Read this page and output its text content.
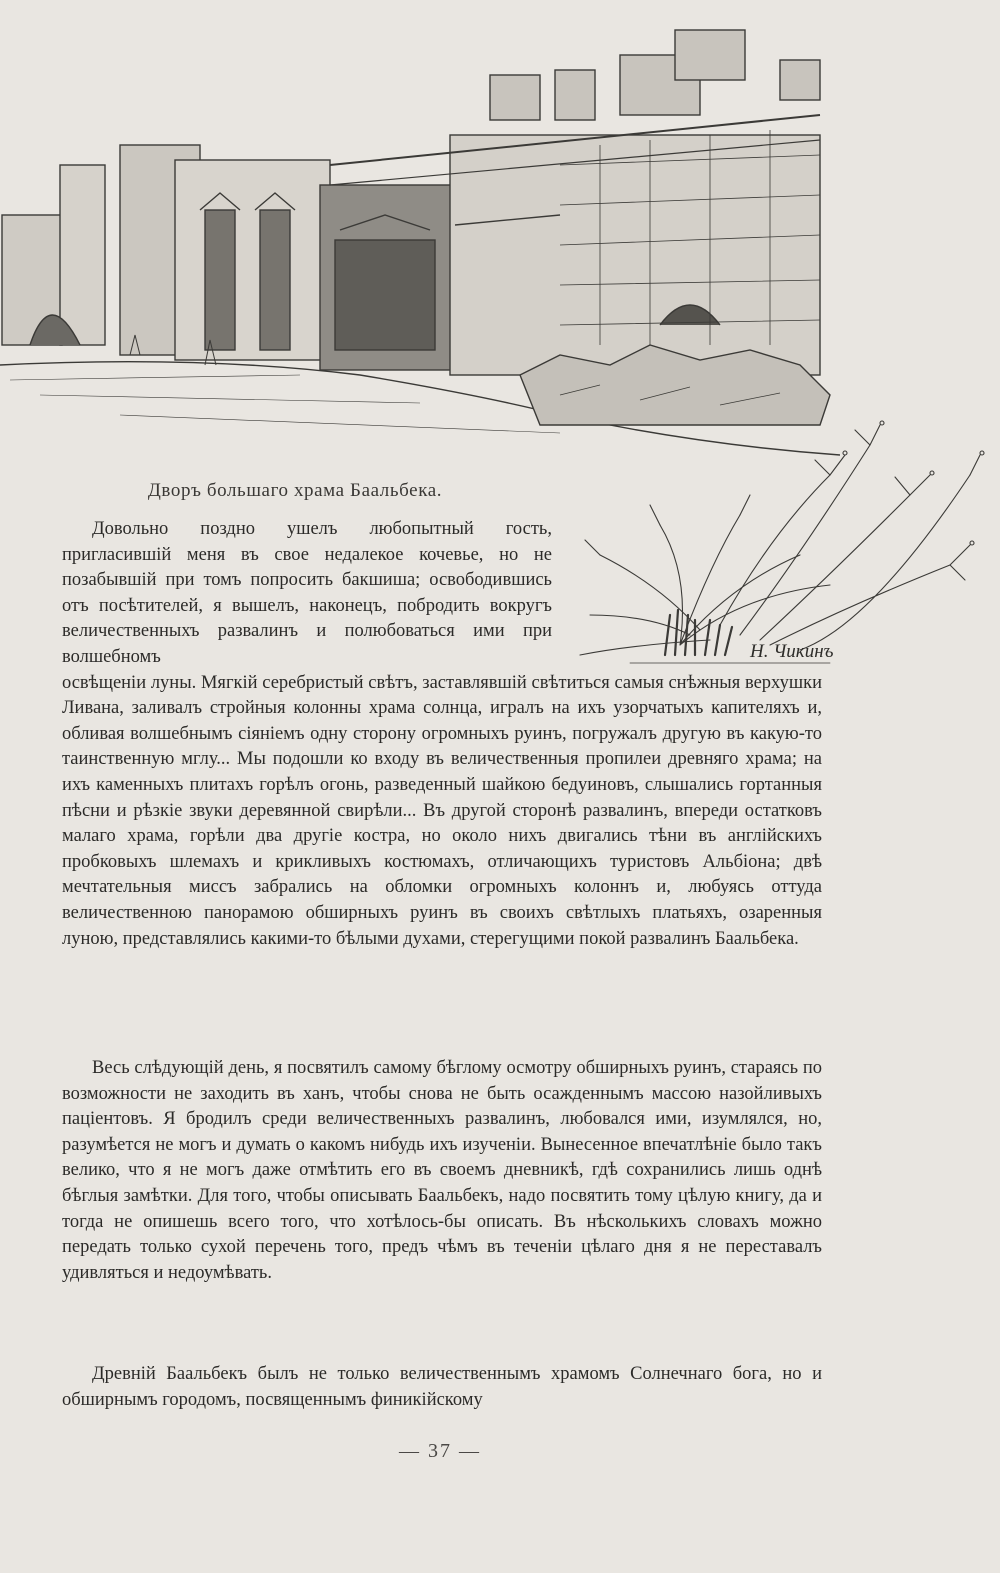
Н. Чикинъ
Дворъ большаго храма Баальбека.

Довольно поздно ушелъ любопытный гость, пригласившій меня въ свое недалекое кочевье, но не позабывшій при томъ попросить бакшиша; освободившись отъ посѣтителей, я вышелъ, наконецъ, побродить вокругъ величественныхъ развалинъ и полюбоваться ими при волшебномъ
освѣщеніи луны. Мягкій серебристый свѣтъ, заставлявшій свѣтиться самыя снѣжныя верхушки Ливана, заливалъ стройныя колонны храма солнца, игралъ на ихъ узорчатыхъ капителяхъ и, обливая волшебнымъ сіяніемъ одну сторону огромныхъ руинъ, погружалъ другую въ какую-то таинственную мглу... Мы подошли ко входу въ величественныя пропилеи древняго храма; на ихъ каменныхъ плитахъ горѣлъ огонь, разведенный шайкою бедуиновъ, слышались гортанныя пѣсни и рѣзкіе звуки деревянной свирѣли... Въ другой сторонѣ развалинъ, впереди остатковъ малаго храма, горѣли два другіе костра, но около нихъ двигались тѣни въ англійскихъ пробковыхъ шлемахъ и крикливыхъ костюмахъ, отличающихъ туристовъ Альбіона; двѣ мечтательныя миссъ забрались на обломки огромныхъ колоннъ и, любуясь оттуда величественною панорамою обширныхъ руинъ въ своихъ свѣтлыхъ платьяхъ, озаренныя луною, представлялись какими-то бѣлыми духами, стерегущими покой развалинъ Баальбека.

Весь слѣдующій день, я посвятилъ самому бѣглому осмотру обширныхъ руинъ, стараясь по возможности не заходить въ ханъ, чтобы снова не быть осажденнымъ массою назойливыхъ паціентовъ. Я бродилъ среди величественныхъ развалинъ, любовался ими, изумлялся, но, разумѣется не могъ и думать о какомъ нибудь ихъ изученіи. Вынесенное впечатлѣніе было такъ велико, что я не могъ даже отмѣтить его въ своемъ дневникѣ, гдѣ сохранились лишь однѣ бѣглыя замѣтки. Для того, чтобы описывать Баальбекъ, надо посвятить тому цѣлую книгу, да и тогда не опишешь всего того, что хотѣлось-бы описать. Въ нѣсколькихъ словахъ можно передать только сухой перечень того, предъ чѣмъ въ теченіи цѣлаго дня я не переставалъ удивляться и недоумѣвать.

Древній Баальбекъ былъ не только величественнымъ храмомъ Солнечнаго бога, но и обширнымъ городомъ, посвященнымъ финикійскому

— 37 —
